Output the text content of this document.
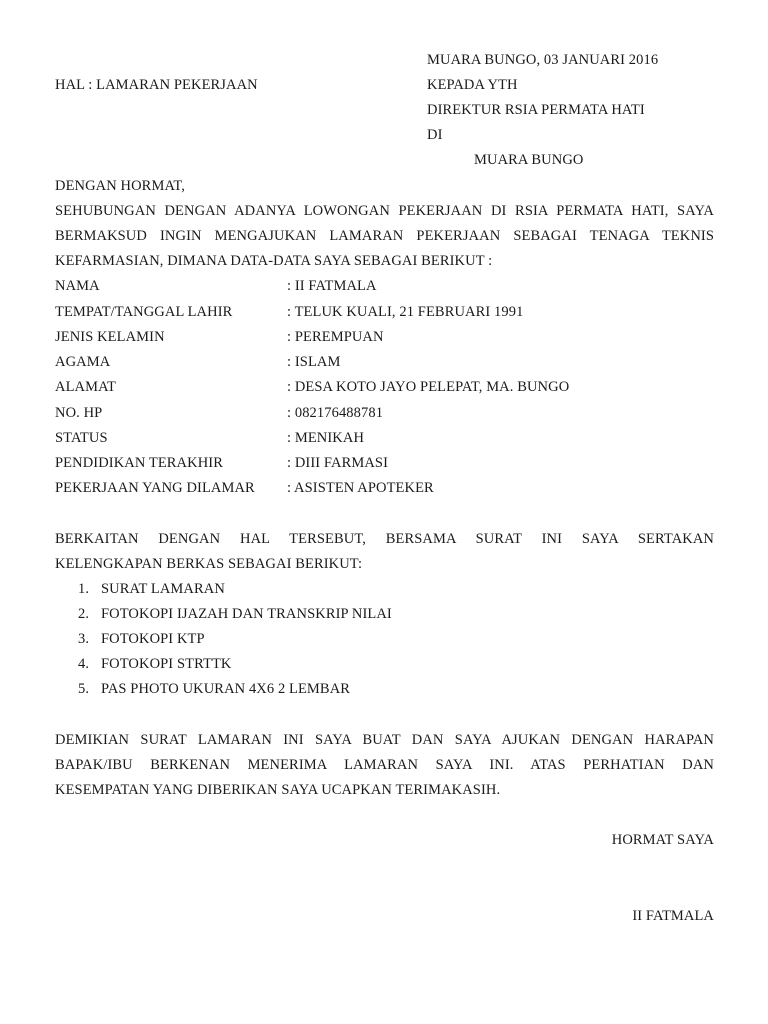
MUARA BUNGO, 03 JANUARI 2016
HAL : LAMARAN PEKERJAAN	KEPADA YTH
DIREKTUR RSIA PERMATA HATI
DI
MUARA BUNGO
DENGAN HORMAT,
SEHUBUNGAN DENGAN ADANYA LOWONGAN PEKERJAAN DI RSIA PERMATA HATI, SAYA
BERMAKSUD INGIN MENGAJUKAN LAMARAN PEKERJAAN SEBAGAI TENAGA TEKNIS
KEFARMASIAN, DIMANA DATA-DATA SAYA SEBAGAI BERIKUT :
NAMA	: II FATMALA
TEMPAT/TANGGAL LAHIR	: TELUK KUALI, 21 FEBRUARI 1991
JENIS KELAMIN	: PEREMPUAN
AGAMA	: ISLAM
ALAMAT	: DESA KOTO JAYO PELEPAT, MA. BUNGO
NO. HP	: 082176488781
STATUS	: MENIKAH
PENDIDIKAN TERAKHIR	: DIII FARMASI
PEKERJAAN YANG DILAMAR : ASISTEN APOTEKER
BERKAITAN DENGAN HAL TERSEBUT, BERSAMA SURAT INI SAYA SERTAKAN
KELENGKAPAN BERKAS SEBAGAI BERIKUT:
1. SURAT LAMARAN
2. FOTOKOPI IJAZAH DAN TRANSKRIP NILAI
3. FOTOKOPI KTP
4. FOTOKOPI STRTTK
5. PAS PHOTO UKURAN 4X6 2 LEMBAR
DEMIKIAN SURAT LAMARAN INI SAYA BUAT DAN SAYA AJUKAN DENGAN HARAPAN
BAPAK/IBU BERKENAN MENERIMA LAMARAN SAYA INI. ATAS PERHATIAN DAN
KESEMPATAN YANG DIBERIKAN SAYA UCAPKAN TERIMAKASIH.
HORMAT SAYA
II FATMALA
